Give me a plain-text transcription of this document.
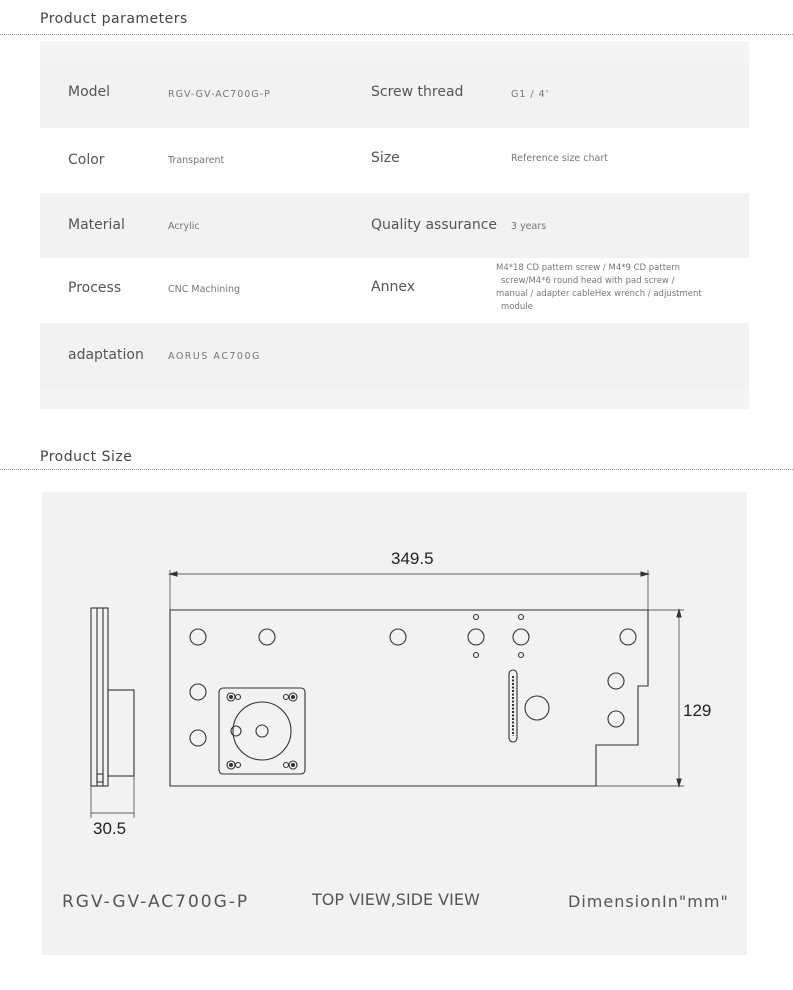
Product parameters
Model	RGV-GV-AC700G-P	Screw thread	G1 / 4'
Color	Transparent	Size	Reference size chart
Material	Acrylic	Quality assurance 3 years
Process	CNC Machining	Annex
M4*18 CD pattern screw / M4*9 CD pattern
screw/M4*6 round head with pad screw /
manual / adapter cableHex wrench / adjustment
module
adaptation	AORUS AC700G
Product Size
349.5
129
30.5
RGV-GV-AC700G-P	TOP VIEW,SIDE VIEW	DimensionIn"mm"
